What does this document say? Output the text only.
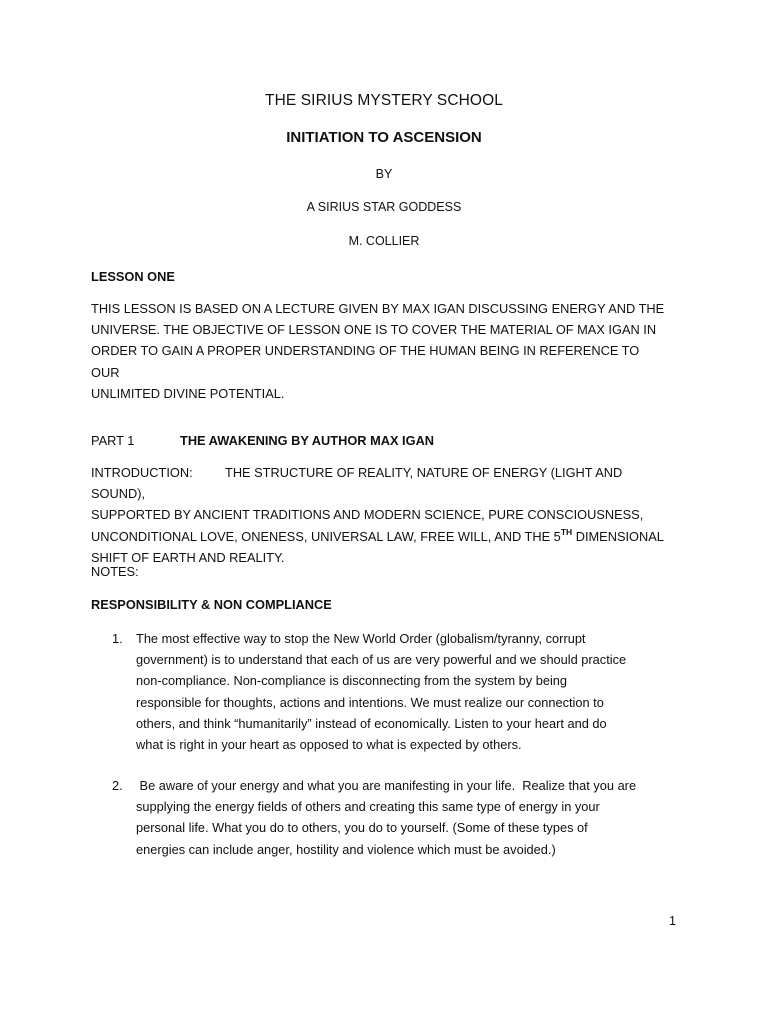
THE SIRIUS MYSTERY SCHOOL
INITIATION TO ASCENSION
BY
A SIRIUS STAR GODDESS
M. COLLIER
LESSON ONE
THIS LESSON IS BASED ON A LECTURE GIVEN BY MAX IGAN DISCUSSING ENERGY AND THE
UNIVERSE. THE OBJECTIVE OF LESSON ONE IS TO COVER THE MATERIAL OF MAX IGAN IN
ORDER TO GAIN A PROPER UNDERSTANDING OF THE HUMAN BEING IN REFERENCE TO OUR
UNLIMITED DIVINE POTENTIAL.
PART 1	THE AWAKENING BY AUTHOR MAX IGAN
INTRODUCTION:	THE STRUCTURE OF REALITY, NATURE OF ENERGY (LIGHT AND SOUND),
SUPPORTED BY ANCIENT TRADITIONS AND MODERN SCIENCE, PURE CONSCIOUSNESS,
UNCONDITIONAL LOVE, ONENESS, UNIVERSAL LAW, FREE WILL, AND THE 5TH DIMENSIONAL
SHIFT OF EARTH AND REALITY.
NOTES:
RESPONSIBILITY & NON COMPLIANCE
1. The most effective way to stop the New World Order (globalism/tyranny, corrupt
government) is to understand that each of us are very powerful and we should practice
non-compliance. Non-compliance is disconnecting from the system by being
responsible for thoughts, actions and intentions. We must realize our connection to
others, and think “humanitarily” instead of economically. Listen to your heart and do
what is right in your heart as opposed to what is expected by others.
2. Be aware of your energy and what you are manifesting in your life.  Realize that you are
supplying the energy fields of others and creating this same type of energy in your
personal life. What you do to others, you do to yourself. (Some of these types of
energies can include anger, hostility and violence which must be avoided.)
1
